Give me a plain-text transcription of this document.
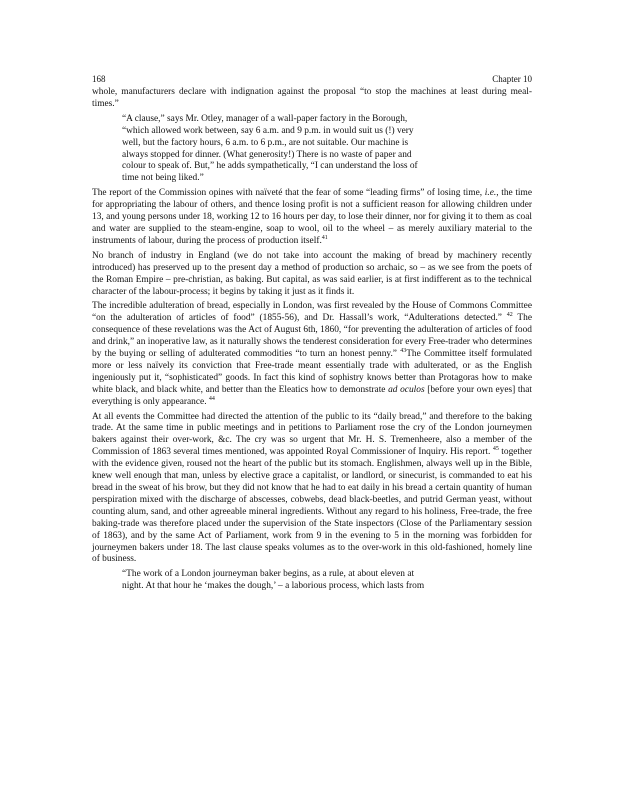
168	Chapter 10

whole, manufacturers declare with indignation against the proposal “to stop the machines at least during meal-times.”

“A clause,” says Mr. Otley, manager of a wall-paper factory in the Borough,
“which allowed work between, say 6 a.m. and 9 p.m. in would suit us (!) very
well, but the factory hours, 6 a.m. to 6 p.m., are not suitable. Our machine is
always stopped for dinner. (What generosity!) There is no waste of paper and
colour to speak of. But,” he adds sympathetically, “I can understand the loss of
time not being liked.”

The report of the Commission opines with naïveté that the fear of some “leading firms” of losing time, i.e., the time for appropriating the labour of others, and thence losing profit is not a sufficient reason for allowing children under 13, and young persons under 18, working 12 to 16 hours per day, to lose their dinner, nor for giving it to them as coal and water are supplied to the steam-engine, soap to wool, oil to the wheel – as merely auxiliary material to the instruments of labour, during the process of production itself.$^{41}$

No branch of industry in England (we do not take into account the making of bread by machinery recently introduced) has preserved up to the present day a method of production so archaic, so – as we see from the poets of the Roman Empire – pre-christian, as baking. But capital, as was said earlier, is at first indifferent as to the technical character of the labour-process; it begins by taking it just as it finds it.

The incredible adulteration of bread, especially in London, was first revealed by the House of Commons Committee “on the adulteration of articles of food” (1855-56), and Dr. Hassall’s work, “Adulterations detected.” $^{42}$ The consequence of these revelations was the Act of August 6th, 1860, “for preventing the adulteration of articles of food and drink,” an inoperative law, as it naturally shows the tenderest consideration for every Free-trader who determines by the buying or selling of adulterated commodities “to turn an honest penny.” $^{43}$The Committee itself formulated more or less naïvely its conviction that Free-trade meant essentially trade with adulterated, or as the English ingeniously put it, “sophisticated” goods. In fact this kind of sophistry knows better than Protagoras how to make white black, and black white, and better than the Eleatics how to demonstrate ad oculos [before your own eyes] that everything is only appearance. $^{44}$

At all events the Committee had directed the attention of the public to its “daily bread,” and therefore to the baking trade. At the same time in public meetings and in petitions to Parliament rose the cry of the London journeymen bakers against their over-work, &c. The cry was so urgent that Mr. H. S. Tremenheere, also a member of the Commission of 1863 several times mentioned, was appointed Royal Commissioner of Inquiry. His report. $^{45}$ together with the evidence given, roused not the heart of the public but its stomach. Englishmen, always well up in the Bible, knew well enough that man, unless by elective grace a capitalist, or landlord, or sinecurist, is commanded to eat his bread in the sweat of his brow, but they did not know that he had to eat daily in his bread a certain quantity of human perspiration mixed with the discharge of abscesses, cobwebs, dead black-beetles, and putrid German yeast, without counting alum, sand, and other agreeable mineral ingredients. Without any regard to his holiness, Free-trade, the free baking-trade was therefore placed under the supervision of the State inspectors (Close of the Parliamentary session of 1863), and by the same Act of Parliament, work from 9 in the evening to 5 in the morning was forbidden for journeymen bakers under 18. The last clause speaks volumes as to the over-work in this old-fashioned, homely line of business.

“The work of a London journeyman baker begins, as a rule, at about eleven at
night. At that hour he ‘makes the dough,’ – a laborious process, which lasts from
